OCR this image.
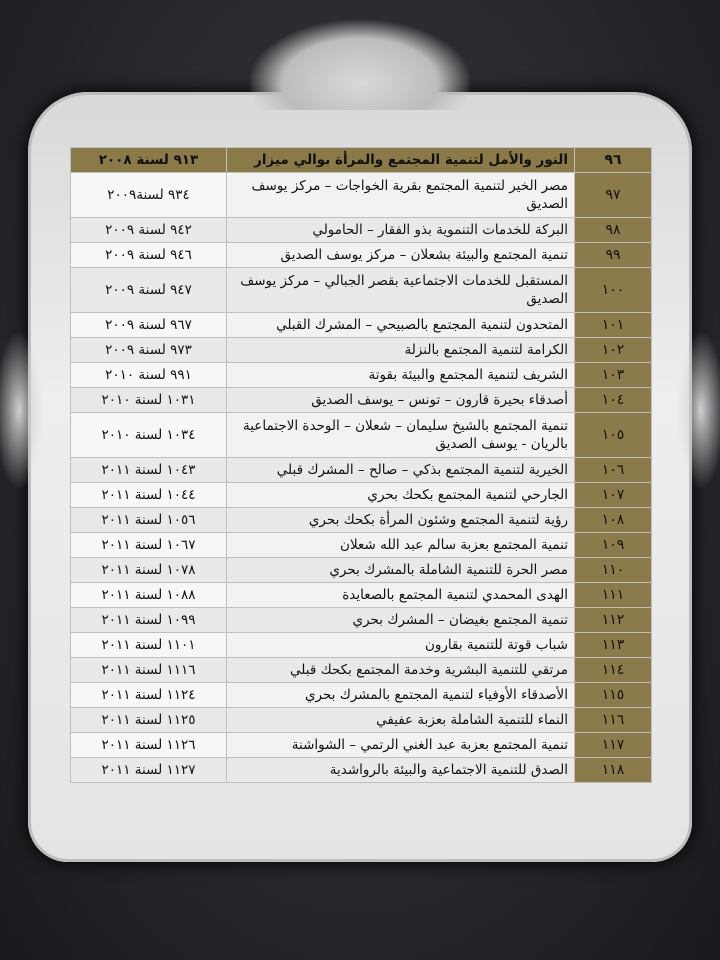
٩٦	النور والأمل لتنمية المجتمع والمرأة بوالي ميزار	٩١٣ لسنة ٢٠٠٨
٩٧	مصر الخير لتنمية المجتمع بقرية الخواجات – مركز يوسف الصديق	٩٣٤ لسنة٢٠٠٩
٩٨	البركة للخدمات التنموية بذو الفقار – الحامولي	٩٤٢ لسنة ٢٠٠٩
٩٩	تنمية المجتمع والبيئة بشعلان – مركز يوسف الصديق	٩٤٦ لسنة ٢٠٠٩
١٠٠	المستقبل للخدمات الاجتماعية بقصر الجبالي – مركز يوسف الصديق	٩٤٧ لسنة ٢٠٠٩
١٠١	المتحدون لتنمية المجتمع بالصبيحي – المشرك القبلي	٩٦٧ لسنة ٢٠٠٩
١٠٢	الكرامة لتنمية المجتمع بالنزلة	٩٧٣ لسنة ٢٠٠٩
١٠٣	الشريف لتنمية المجتمع والبيئة بقوتة	٩٩١ لسنة ٢٠١٠
١٠٤	أصدقاء بحيرة قارون – تونس – يوسف الصديق	١٠٣١ لسنة ٢٠١٠
١٠٥	تنمية المجتمع بالشيخ سليمان – شعلان – الوحدة الاجتماعية بالريان - يوسف الصديق	١٠٣٤ لسنة ٢٠١٠
١٠٦	الخيرية لتنمية المجتمع بذكي – صالح – المشرك قبلي	١٠٤٣ لسنة ٢٠١١
١٠٧	الجارحي لتنمية المجتمع بكحك بحري	١٠٤٤ لسنة ٢٠١١
١٠٨	رؤية لتنمية المجتمع وشئون المرأة بكحك بحري	١٠٥٦ لسنة ٢٠١١
١٠٩	تنمية المجتمع بعزبة سالم عبد الله شعلان	١٠٦٧ لسنة ٢٠١١
١١٠	مصر الحرة للتنمية الشاملة بالمشرك بحري	١٠٧٨ لسنة ٢٠١١
١١١	الهدى المحمدي لتنمية المجتمع بالصعايدة	١٠٨٨ لسنة ٢٠١١
١١٢	تنمية المجتمع بغيضان – المشرك بحري	١٠٩٩ لسنة ٢٠١١
١١٣	شباب قوتة للتنمية بقارون	١١٠١ لسنة ٢٠١١
١١٤	مرتقي للتنمية البشرية وخدمة المجتمع بكحك قبلي	١١١٦ لسنة ٢٠١١
١١٥	الأصدقاء الأوفياء لتنمية المجتمع بالمشرك بحري	١١٢٤ لسنة ٢٠١١
١١٦	النماء للتنمية الشاملة بعزبة عفيفي	١١٢٥ لسنة ٢٠١١
١١٧	تنمية المجتمع بعزبة عبد الغني الرتمي – الشواشنة	١١٢٦ لسنة ٢٠١١
١١٨	الصدق للتنمية الاجتماعية والبيئة بالرواشدية	١١٢٧ لسنة ٢٠١١
